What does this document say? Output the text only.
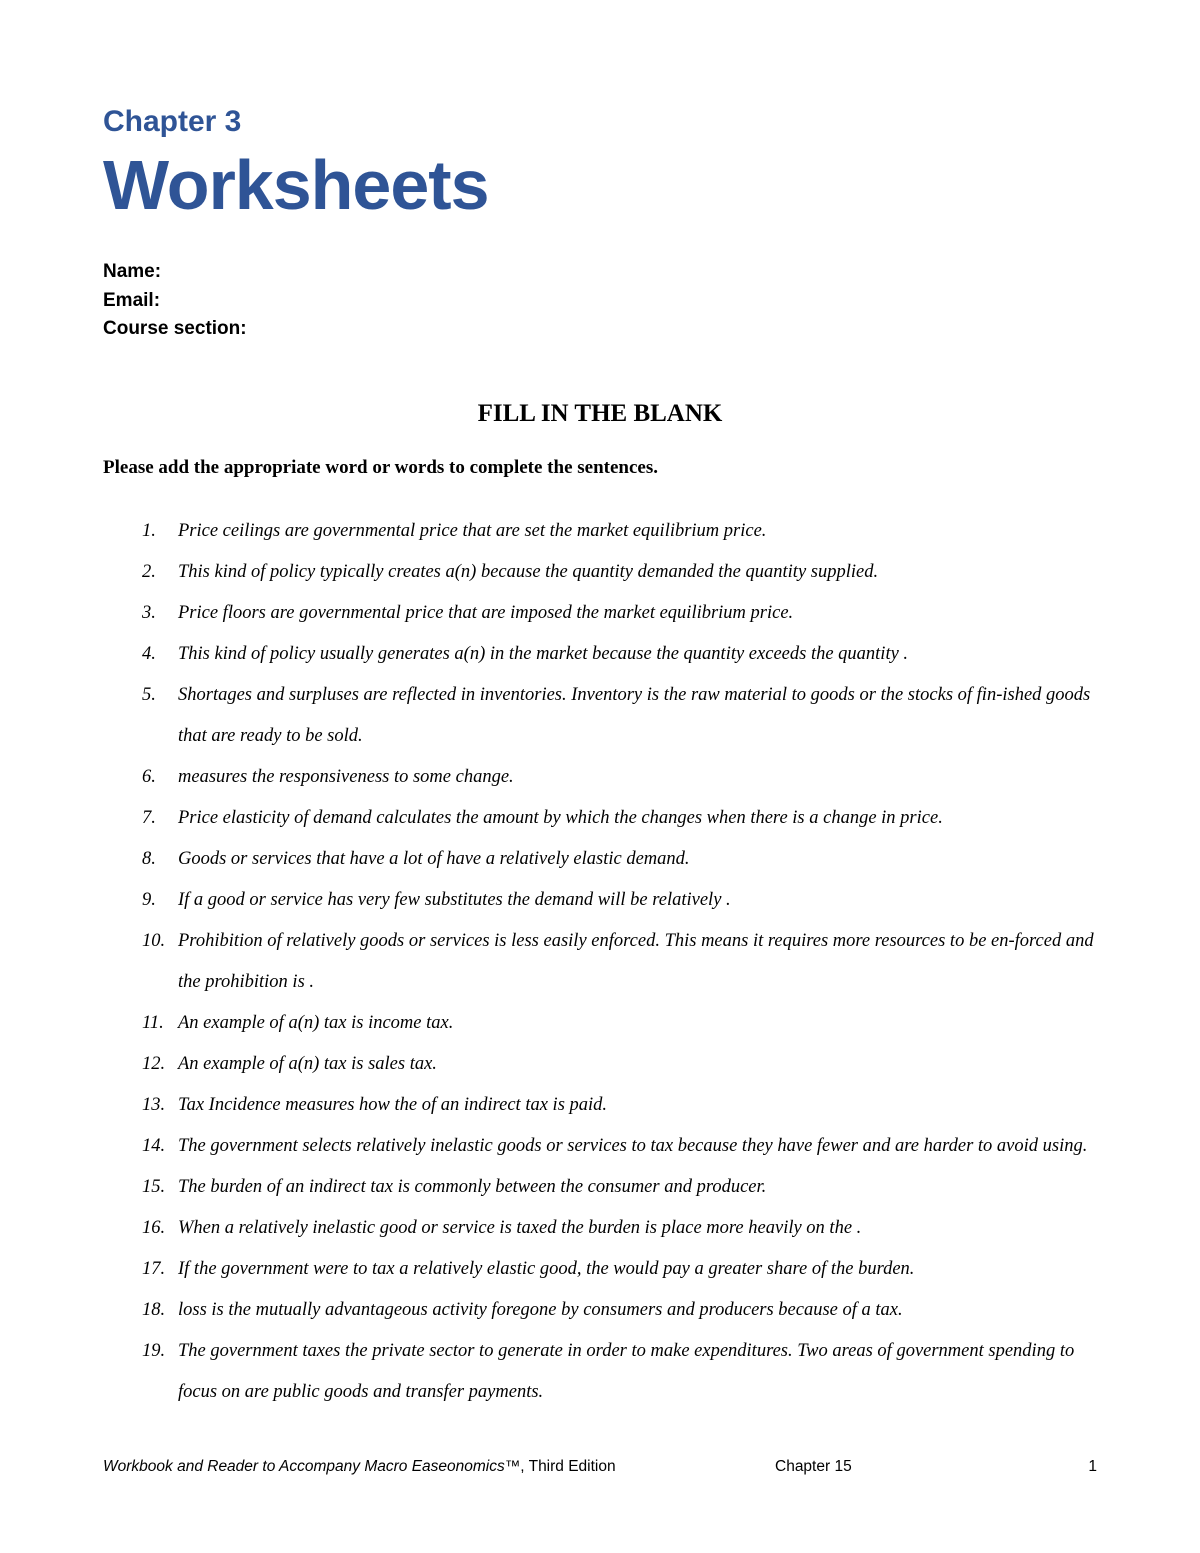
Chapter 3
Worksheets
Name:
Email:
Course section:
FILL IN THE BLANK
Please add the appropriate word or words to complete the sentences.
1.	Price ceilings are governmental price that are set the market equilibrium price.
2.	This kind of policy typically creates a(n) because the quantity demanded the quantity supplied.
3.	Price floors are governmental price that are imposed the market equilibrium price.
4.	This kind of policy usually generates a(n) in the market because the quantity exceeds the quantity .
5.	Shortages and surpluses are reflected in inventories. Inventory is the raw material to goods or the stocks of fin‐ished goods that are ready to be sold.
6.	measures the responsiveness to some change.
7.	Price elasticity of demand calculates the amount by which the changes when there is a change in price.
8.	Goods or services that have a lot of have a relatively elastic demand.
9.	If a good or service has very few substitutes the demand will be relatively .
10. Prohibition of relatively goods or services is less easily enforced. This means it requires more resources to be en‐forced and the prohibition is .
11. An example of a(n) tax is income tax.
12. An example of a(n) tax is sales tax.
13. Tax Incidence measures how the of an indirect tax is paid.
14. The government selects relatively inelastic goods or services to tax because they have fewer and are harder to avoid using.
15. The burden of an indirect tax is commonly between the consumer and producer.
16. When a relatively inelastic good or service is taxed the burden is place more heavily on the .
17. If the government were to tax a relatively elastic good, the would pay a greater share of the burden.
18. loss is the mutually advantageous activity foregone by consumers and producers because of a tax.
19. The government taxes the private sector to generate in order to make expenditures. Two areas of government spending to focus on are public goods and transfer payments.
Workbook and Reader to Accompany Macro Easeonomics™, Third Edition	Chapter 15	1
